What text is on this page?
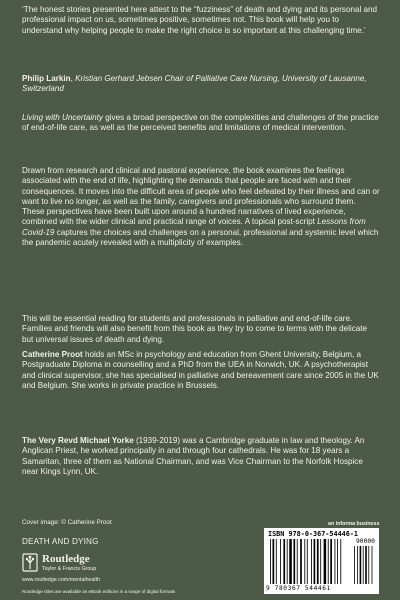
‘The honest stories presented here attest to the “fuzziness” of death and dying and its personal and professional impact on us, sometimes positive, sometimes not. This book will help you to understand why helping people to make the right choice is so important at this challenging time.’
Philip Larkin, Kristian Gerhard Jebsen Chair of Palliative Care Nursing, University of Lausanne, Switzerland
Living with Uncertainty gives a broad perspective on the complexities and challenges of the practice of end-of-life care, as well as the perceived benefits and limitations of medical intervention.
Drawn from research and clinical and pastoral experience, the book examines the feelings associated with the end of life, highlighting the demands that people are faced with and their consequences. It moves into the difficult area of people who feel defeated by their illness and can or want to live no longer, as well as the family, caregivers and professionals who surround them. These perspectives have been built upon around a hundred narratives of lived experience, combined with the wider clinical and practical range of voices. A topical post-script Lessons from Covid-19 captures the choices and challenges on a personal, professional and systemic level which the pandemic acutely revealed with a multiplicity of examples.
This will be essential reading for students and professionals in palliative and end-of-life care. Families and friends will also benefit from this book as they try to come to terms with the delicate but universal issues of death and dying.
Catherine Proot holds an MSc in psychology and education from Ghent University, Belgium, a Postgraduate Diploma in counselling and a PhD from the UEA in Norwich, UK. A psychotherapist and clinical supervisor, she has specialised in palliative and bereavement care since 2005 in the UK and Belgium. She works in private practice in Brussels.
The Very Revd Michael Yorke (1939-2019) was a Cambridge graduate in law and theology. An Anglican Priest, he worked principally in and through four cathedrals. He was for 18 years a Samaritan, three of them as National Chairman, and was Vice Chairman to the Norfolk Hospice near Kings Lynn, UK.
Cover image: © Catherine Proot
DEATH AND DYING
Routledge
Taylor & Francis Group
www.routledge.com/mentalhealth
Routledge titles are available as eBook editions in a range of digital formats
an informa business
ISBN 978-0-367-54446-1
90000
9 780367 544461
